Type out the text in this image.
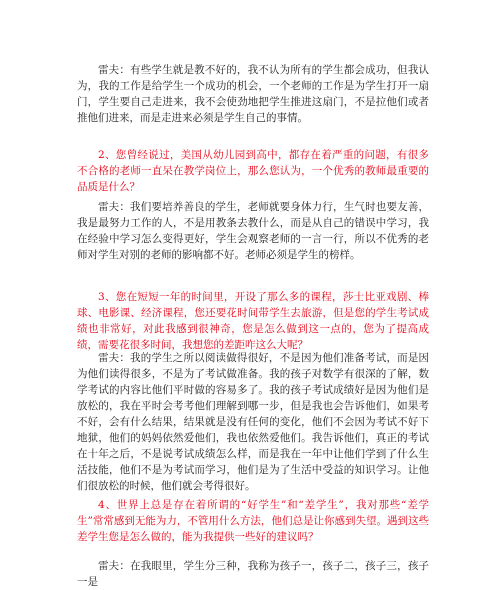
雷夫：有些学生就是教不好的，我不认为所有的学生都会成功，但我认为，我的工作是给学生一个成功的机会，一个老师的工作是为学生打开一扇门，学生要自己走进来，我不会使劲地把学生推进这扇门，不是拉他们或者推他们进来，而是走进来必须是学生自己的事情。

2、您曾经说过，美国从幼儿园到高中，都存在着严重的问题，有很多不合格的老师一直呆在教学岗位上，那么您认为，一个优秀的教师最重要的品质是什么？

雷夫：我们要培养善良的学生，老师就要身体力行，生气时也要友善，我是最努力工作的人，不是用教条去教什么，而是从自己的错误中学习，我在经验中学习怎么变得更好，学生会观察老师的一言一行，所以不优秀的老师对学生对别的老师的影响都不好。老师必须是学生的榜样。

3、您在短短一年的时间里，开设了那么多的课程，莎士比亚戏剧、棒球、电影课、经济课程，您还要花时间带学生去旅游，但是您的学生考试成绩也非常好，对此我感到很神奇，您是怎么做到这一点的，您为了提高成绩，需要花很多时间，我想您的差距咋这么大呢？

雷夫：我的学生之所以阅读做得很好，不是因为他们准备考试，而是因为他们读得很多，不是为了考试做准备。我的孩子对数学有很深的了解，数学考试的内容比他们平时做的容易多了。我的孩子考试成绩好是因为他们是放松的，我在平时会考考他们理解到哪一步，但是我也会告诉他们，如果考不好，会有什么结果，结果就是没有任何的变化，他们不会因为考试不好下地狱，他们的妈妈依然爱他们，我也依然爱他们。我告诉他们，真正的考试在十年之后，不是说考试成绩怎么样，而是我在一年中让他们学到了什么生活技能，他们不是为考试而学习，他们是为了生活中受益的知识学习。让他们很放松的时候，他们就会考得很好。

4、世界上总是存在着所谓的“好学生”和“差学生”，我对那些“差学生”常常感到无能为力，不管用什么方法，他们总是让你感到失望。遇到这些差学生您是怎么做的，能为我提供一些好的建议吗？

雷夫：在我眼里，学生分三种，我称为孩子一，孩子二，孩子三，孩子一是
